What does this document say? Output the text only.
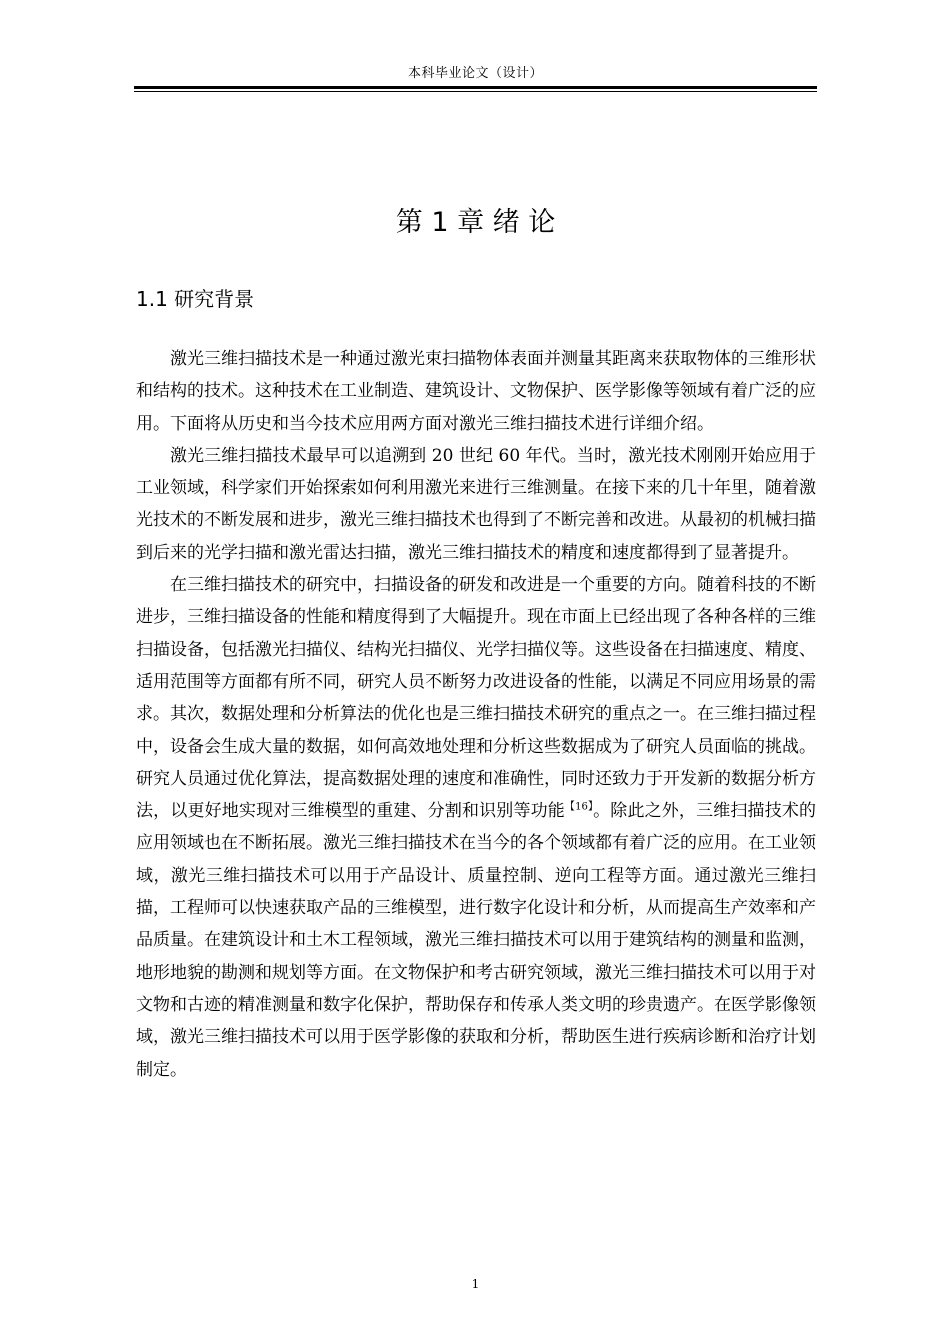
本科毕业论文（设计）
第 1 章 绪 论
1.1 研究背景

激光三维扫描技术是一种通过激光束扫描物体表面并测量其距离来获取物体的三维形状和结构的技术。这种技术在工业制造、建筑设计、文物保护、医学影像等领域有着广泛的应用。下面将从历史和当今技术应用两方面对激光三维扫描技术进行详细介绍。

激光三维扫描技术最早可以追溯到 20 世纪 60 年代。当时，激光技术刚刚开始应用于工业领域，科学家们开始探索如何利用激光来进行三维测量。在接下来的几十年里，随着激光技术的不断发展和进步，激光三维扫描技术也得到了不断完善和改进。从最初的机械扫描到后来的光学扫描和激光雷达扫描，激光三维扫描技术的精度和速度都得到了显著提升。

在三维扫描技术的研究中，扫描设备的研发和改进是一个重要的方向。随着科技的不断进步，三维扫描设备的性能和精度得到了大幅提升。现在市面上已经出现了各种各样的三维扫描设备，包括激光扫描仪、结构光扫描仪、光学扫描仪等。这些设备在扫描速度、精度、适用范围等方面都有所不同，研究人员不断努力改进设备的性能，以满足不同应用场景的需求。其次，数据处理和分析算法的优化也是三维扫描技术研究的重点之一。在三维扫描过程中，设备会生成大量的数据，如何高效地处理和分析这些数据成为了研究人员面临的挑战。研究人员通过优化算法，提高数据处理的速度和准确性，同时还致力于开发新的数据分析方法，以更好地实现对三维模型的重建、分割和识别等功能$^{【16】}$。除此之外，三维扫描技术的应用领域也在不断拓展。激光三维扫描技术在当今的各个领域都有着广泛的应用。在工业领域，激光三维扫描技术可以用于产品设计、质量控制、逆向工程等方面。通过激光三维扫描，工程师可以快速获取产品的三维模型，进行数字化设计和分析，从而提高生产效率和产品质量。在建筑设计和土木工程领域，激光三维扫描技术可以用于建筑结构的测量和监测，地形地貌的勘测和规划等方面。在文物保护和考古研究领域，激光三维扫描技术可以用于对文物和古迹的精准测量和数字化保护，帮助保存和传承人类文明的珍贵遗产。在医学影像领域，激光三维扫描技术可以用于医学影像的获取和分析，帮助医生进行疾病诊断和治疗计划制定。

1
